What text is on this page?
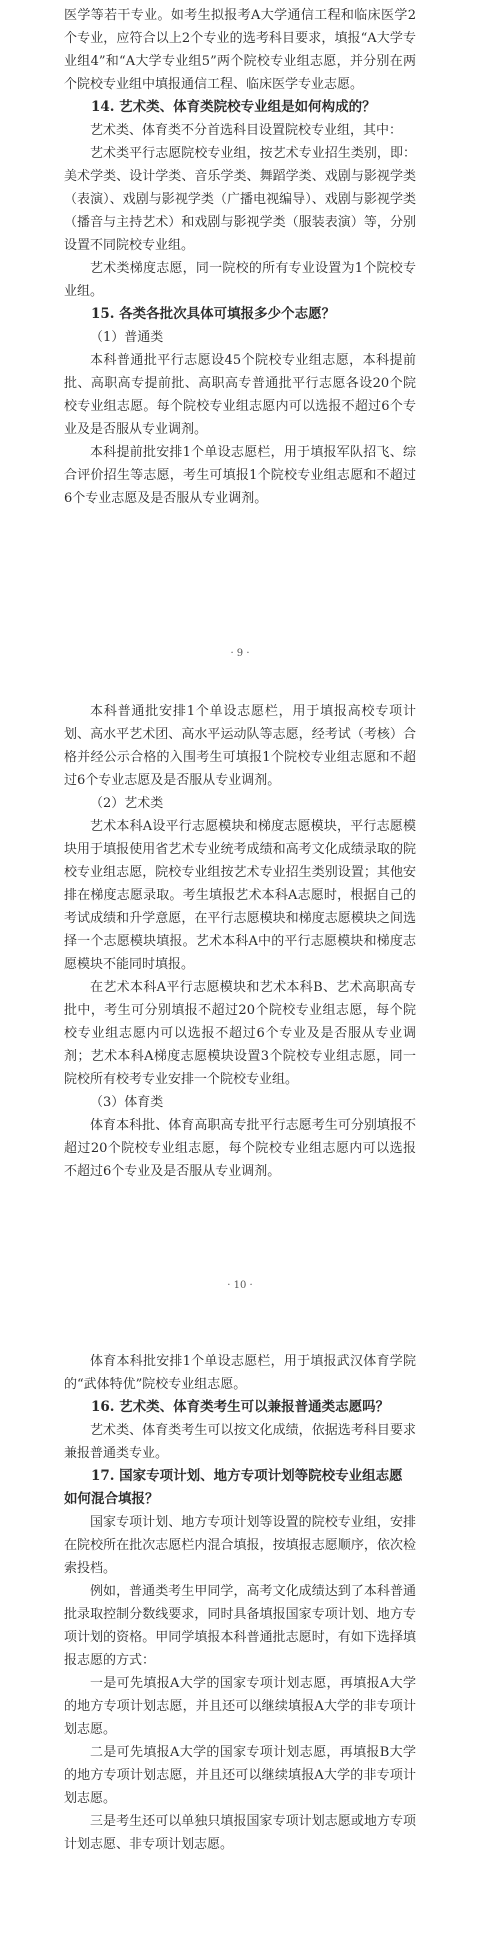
医学等若干专业。如考生拟报考A大学通信工程和临床医学2个专业，应符合以上2个专业的选考科目要求，填报“A大学专业组4”和“A大学专业组5”两个院校专业组志愿，并分别在两个院校专业组中填报通信工程、临床医学专业志愿。

14. 艺术类、体育类院校专业组是如何构成的？

艺术类、体育类不分首选科目设置院校专业组，其中：

艺术类平行志愿院校专业组，按艺术专业招生类别，即：美术学类、设计学类、音乐学类、舞蹈学类、戏剧与影视学类（表演）、戏剧与影视学类（广播电视编导）、戏剧与影视学类（播音与主持艺术）和戏剧与影视学类（服装表演）等，分别设置不同院校专业组。

艺术类梯度志愿，同一院校的所有专业设置为1个院校专业组。

15. 各类各批次具体可填报多少个志愿？

（1）普通类

本科普通批平行志愿设45个院校专业组志愿，本科提前批、高职高专提前批、高职高专普通批平行志愿各设20个院校专业组志愿。每个院校专业组志愿内可以选报不超过6个专业及是否服从专业调剂。

本科提前批安排1个单设志愿栏，用于填报军队招飞、综合评价招生等志愿，考生可填报1个院校专业组志愿和不超过6个专业志愿及是否服从专业调剂。

· 9 ·

本科普通批安排1个单设志愿栏，用于填报高校专项计划、高水平艺术团、高水平运动队等志愿，经考试（考核）合格并经公示合格的入围考生可填报1个院校专业组志愿和不超过6个专业志愿及是否服从专业调剂。

（2）艺术类

艺术本科A设平行志愿模块和梯度志愿模块，平行志愿模块用于填报使用省艺术专业统考成绩和高考文化成绩录取的院校专业组志愿，院校专业组按艺术专业招生类别设置；其他安排在梯度志愿录取。考生填报艺术本科A志愿时，根据自己的考试成绩和升学意愿，在平行志愿模块和梯度志愿模块之间选择一个志愿模块填报。艺术本科A中的平行志愿模块和梯度志愿模块不能同时填报。

在艺术本科A平行志愿模块和艺术本科B、艺术高职高专批中，考生可分别填报不超过20个院校专业组志愿，每个院校专业组志愿内可以选报不超过6个专业及是否服从专业调剂；艺术本科A梯度志愿模块设置3个院校专业组志愿，同一院校所有校考专业安排一个院校专业组。

（3）体育类

体育本科批、体育高职高专批平行志愿考生可分别填报不超过20个院校专业组志愿，每个院校专业组志愿内可以选报不超过6个专业及是否服从专业调剂。

· 10 ·

体育本科批安排1个单设志愿栏，用于填报武汉体育学院的“武体特优”院校专业组志愿。

16. 艺术类、体育类考生可以兼报普通类志愿吗？

艺术类、体育类考生可以按文化成绩，依据选考科目要求兼报普通类专业。

17. 国家专项计划、地方专项计划等院校专业组志愿如何混合填报？

国家专项计划、地方专项计划等设置的院校专业组，安排在院校所在批次志愿栏内混合填报，按填报志愿顺序，依次检索投档。

例如，普通类考生甲同学，高考文化成绩达到了本科普通批录取控制分数线要求，同时具备填报国家专项计划、地方专项计划的资格。甲同学填报本科普通批志愿时，有如下选择填报志愿的方式：

一是可先填报A大学的国家专项计划志愿，再填报A大学的地方专项计划志愿，并且还可以继续填报A大学的非专项计划志愿。

二是可先填报A大学的国家专项计划志愿，再填报B大学的地方专项计划志愿，并且还可以继续填报A大学的非专项计划志愿。

三是考生还可以单独只填报国家专项计划志愿或地方专项计划志愿、非专项计划志愿。
